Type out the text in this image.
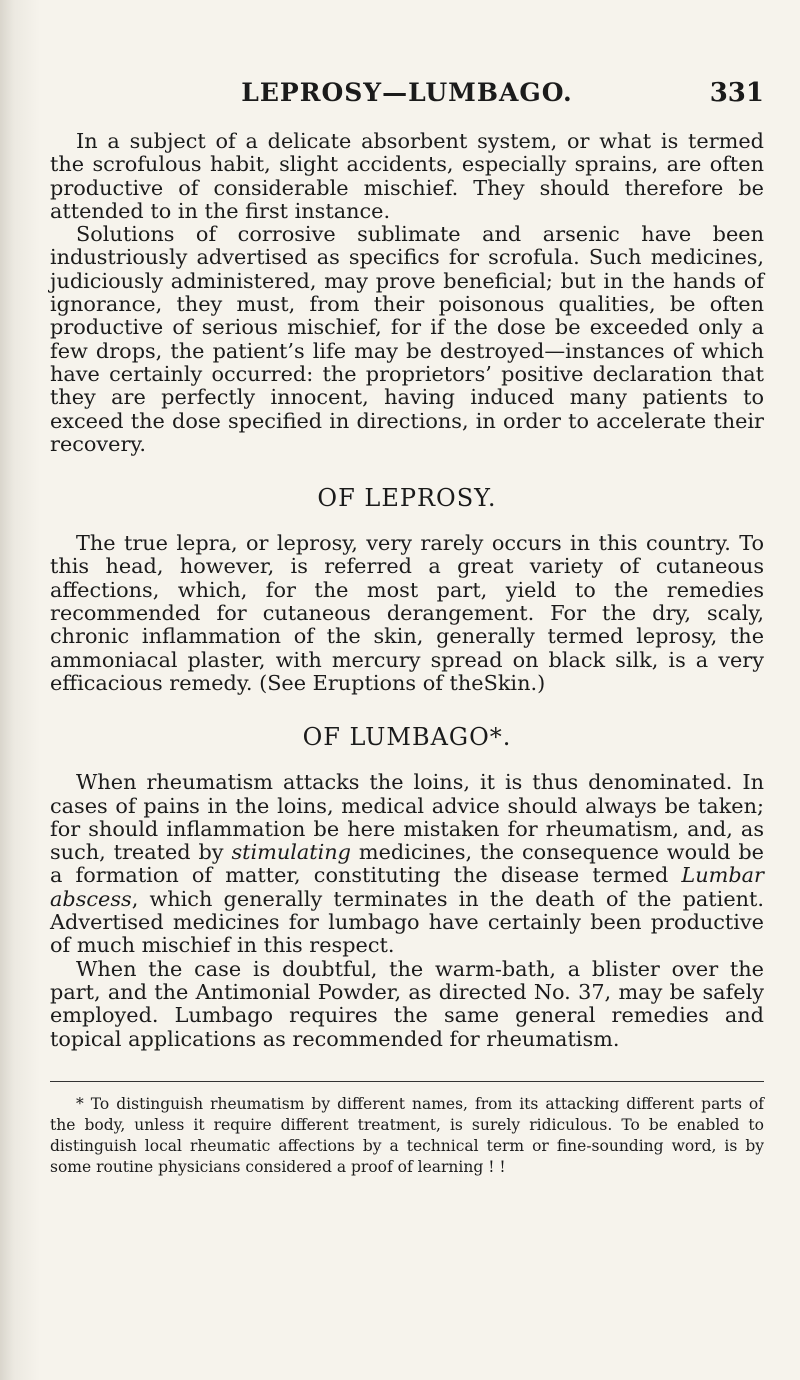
LEPROSY—LUMBAGO.	331

In a subject of a delicate absorbent system, or what is termed the scrofulous habit, slight accidents, especially sprains, are often productive of considerable mischief. They should therefore be attended to in the first instance.

Solutions of corrosive sublimate and arsenic have been industriously advertised as specifics for scrofula. Such medicines, judiciously administered, may prove beneficial; but in the hands of ignorance, they must, from their poisonous qualities, be often productive of serious mischief, for if the dose be exceeded only a few drops, the patient’s life may be destroyed—instances of which have certainly occurred: the proprietors’ positive declaration that they are perfectly innocent, having induced many patients to exceed the dose specified in directions, in order to accelerate their recovery.

OF LEPROSY.

The true lepra, or leprosy, very rarely occurs in this country. To this head, however, is referred a great variety of cutaneous affections, which, for the most part, yield to the remedies recommended for cutaneous derangement. For the dry, scaly, chronic inflammation of the skin, generally termed leprosy, the ammoniacal plaster, with mercury spread on black silk, is a very efficacious remedy. (See Eruptions of theSkin.)

OF LUMBAGO*.

When rheumatism attacks the loins, it is thus denominated. In cases of pains in the loins, medical advice should always be taken; for should inflammation be here mistaken for rheumatism, and, as such, treated by stimulating medicines, the consequence would be a formation of matter, constituting the disease termed Lumbar abscess, which generally terminates in the death of the patient. Advertised medicines for lumbago have certainly been productive of much mischief in this respect.

When the case is doubtful, the warm-bath, a blister over the part, and the Antimonial Powder, as directed No. 37, may be safely employed. Lumbago requires the same general remedies and topical applications as recommended for rheumatism.

* To distinguish rheumatism by different names, from its attacking different parts of the body, unless it require different treatment, is surely ridiculous. To be enabled to distinguish local rheumatic affections by a technical term or fine-sounding word, is by some routine physicians considered a proof of learning ! !
